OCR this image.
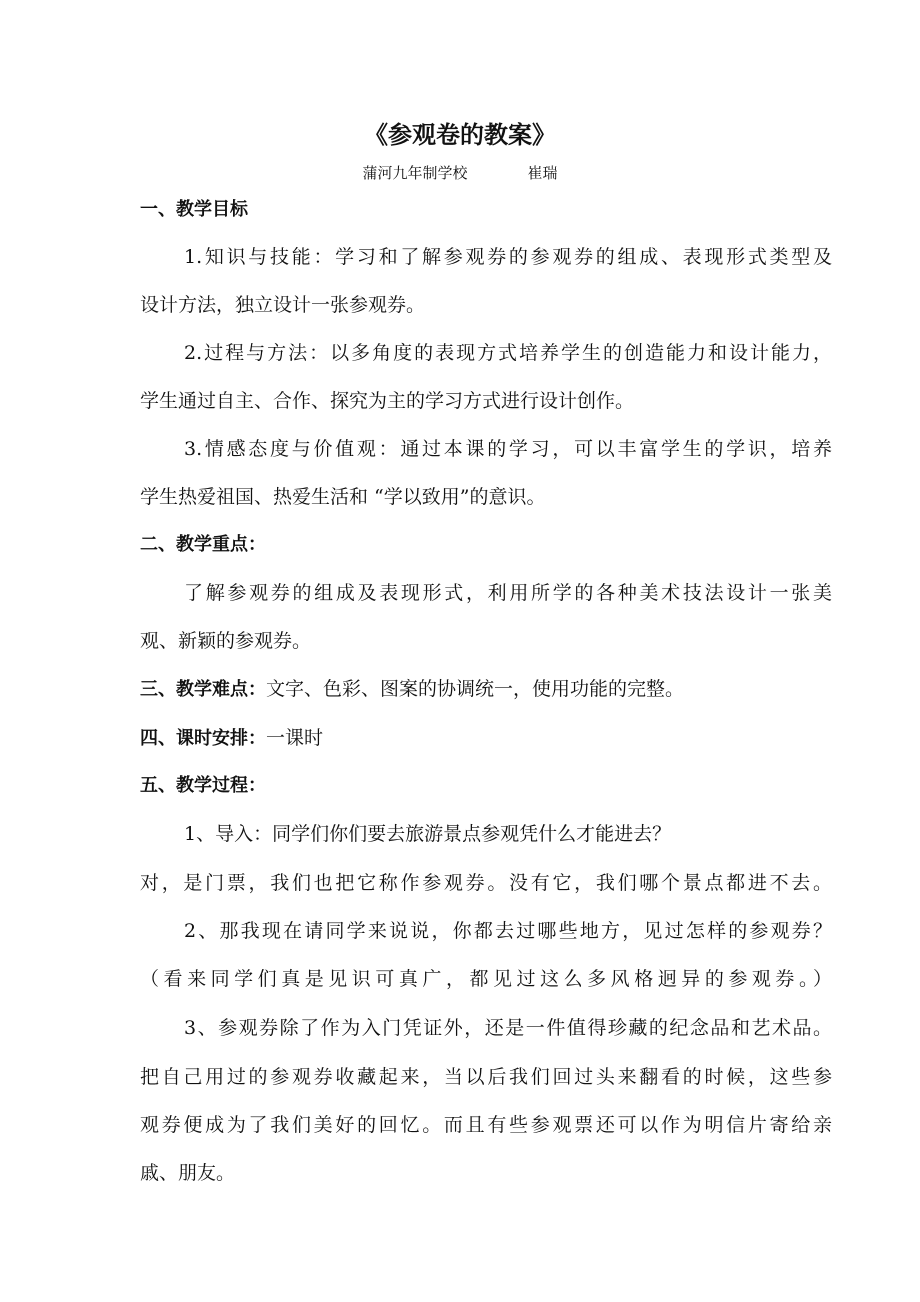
《参观卷的教案》
蒲河九年制学校	崔瑞
一、教学目标
1.知识与技能：学习和了解参观券的参观券的组成、表现形式类型及
设计方法，独立设计一张参观券。
2.过程与方法：以多角度的表现方式培养学生的创造能力和设计能力，
学生通过自主、合作、探究为主的学习方式进行设计创作。
3.情感态度与价值观：通过本课的学习，可以丰富学生的学识，培养
学生热爱祖国、热爱生活和 “学以致用”的意识。
二、教学重点：
了解参观券的组成及表现形式，利用所学的各种美术技法设计一张美
观、新颖的参观券。
三、教学难点：文字、色彩、图案的协调统一，使用功能的完整。
四、课时安排：一课时
五、教学过程：
1、导入：同学们你们要去旅游景点参观凭什么才能进去？
对，是门票，我们也把它称作参观券。没有它，我们哪个景点都进不去。
2、那我现在请同学来说说，你都去过哪些地方，见过怎样的参观券？
（看来同学们真是见识可真广，都见过这么多风格迥异的参观券。）
3、参观券除了作为入门凭证外，还是一件值得珍藏的纪念品和艺术品。
把自己用过的参观券收藏起来，当以后我们回过头来翻看的时候，这些参
观券便成为了我们美好的回忆。而且有些参观票还可以作为明信片寄给亲
戚、朋友。
